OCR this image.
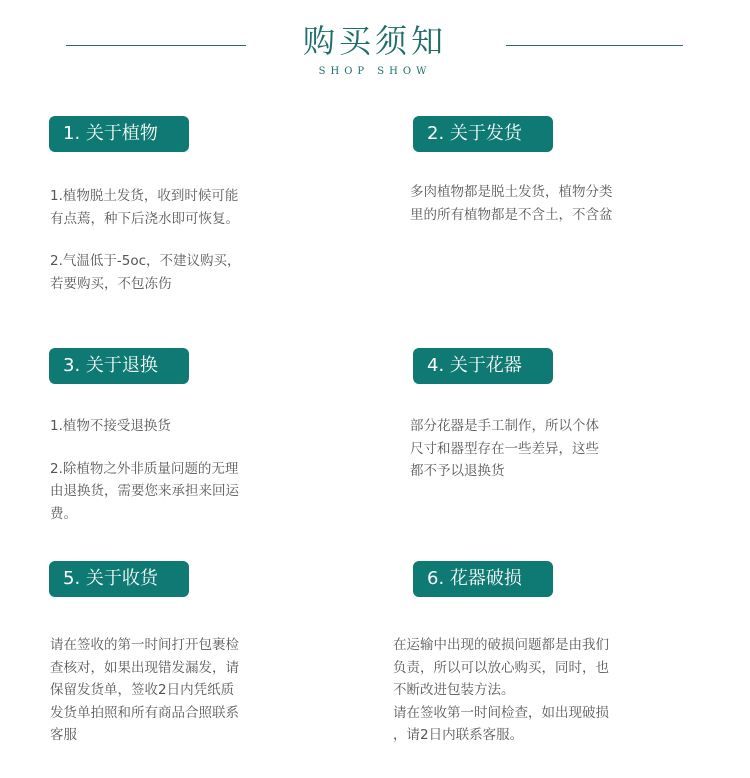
购买须知
SHOP SHOW
1. 关于植物

1.植物脱土发货，收到时候可能

有点蔫，种下后浇水即可恢复。

2.气温低于-5oc，不建议购买，

若要购买，不包冻伤

2. 关于发货

多肉植物都是脱土发货，植物分类

里的所有植物都是不含土，不含盆

3. 关于退换

1.植物不接受退换货

2.除植物之外非质量问题的无理

由退换货，需要您来承担来回运

费。

4. 关于花器

部分花器是手工制作，所以个体

尺寸和器型存在一些差异，这些

都不予以退换货

5. 关于收货

请在签收的第一时间打开包裹检

查核对，如果出现错发漏发，请

保留发货单，签收2日内凭纸质

发货单拍照和所有商品合照联系

客服

6. 花器破损

在运输中出现的破损问题都是由我们

负责，所以可以放心购买，同时，也

不断改进包装方法。

请在签收第一时间检查，如出现破损

，请2日内联系客服。
